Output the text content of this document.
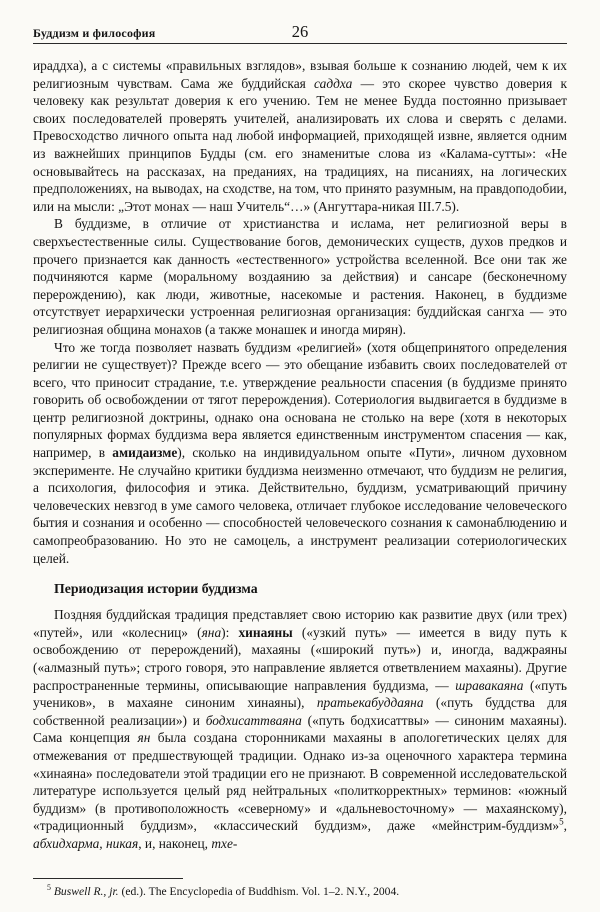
Буддизм и философия	26

ираддха), а с системы «правильных взглядов», взывая больше к сознанию людей, чем к их религиозным чувствам. Сама же буддийская саддха — это скорее чувство доверия к человеку как результат доверия к его учению. Тем не менее Будда постоянно призывает своих последователей проверять учителей, анализировать их слова и сверять с делами. Превосходство личного опыта над любой информацией, приходящей извне, является одним из важнейших принципов Будды (см. его знаменитые слова из «Калама-сутты»: «Не основывайтесь на рассказах, на преданиях, на традициях, на писаниях, на логических предположениях, на выводах, на сходстве, на том, что принято разумным, на правдоподобии, или на мысли: „Этот монах — наш Учитель“…» (Ангуттара-никая III.7.5).

В буддизме, в отличие от христианства и ислама, нет религиозной веры в сверхъестественные силы. Существование богов, демонических существ, духов предков и прочего признается как данность «естественного» устройства вселенной. Все они так же подчиняются карме (моральному воздаянию за действия) и сансаре (бесконечному перерождению), как люди, животные, насекомые и растения. Наконец, в буддизме отсутствует иерархически устроенная религиозная организация: буддийская сангха — это религиозная община монахов (а также монашек и иногда мирян).

Что же тогда позволяет назвать буддизм «религией» (хотя общепринятого определения религии не существует)? Прежде всего — это обещание избавить своих последователей от всего, что приносит страдание, т.е. утверждение реальности спасения (в буддизме принято говорить об освобождении от тягот перерождения). Сотериология выдвигается в буддизме в центр религиозной доктрины, однако она основана не столько на вере (хотя в некоторых популярных формах буддизма вера является единственным инструментом спасения — как, например, в амидаизме), сколько на индивидуальном опыте «Пути», личном духовном эксперименте. Не случайно критики буддизма неизменно отмечают, что буддизм не религия, а психология, философия и этика. Действительно, буддизм, усматривающий причину человеческих невзгод в уме самого человека, отличает глубокое исследование человеческого бытия и сознания и особенно — способностей человеческого сознания к самонаблюдению и самопреобразованию. Но это не самоцель, а инструмент реализации сотериологических целей.

Периодизация истории буддизма

Поздняя буддийская традиция представляет свою историю как развитие двух (или трех) «путей», или «колесниц» (яна): хинаяны («узкий путь» — имеется в виду путь к освобождению от перерождений), махаяны («широкий путь») и, иногда, ваджраяны («алмазный путь»; строго говоря, это направление является ответвлением махаяны). Другие распространенные термины, описывающие направления буддизма, — шравакаяна («путь учеников», в махаяне синоним хинаяны), пратьекабуддаяна («путь буддства для собственной реализации») и бодхисаттваяна («путь бодхисаттвы» — синоним махаяны). Сама концепция ян была создана сторонниками махаяны в апологетических целях для отмежевания от предшествующей традиции. Однако из-за оценочного характера термина «хинаяна» последователи этой традиции его не признают. В современной исследовательской литературе используется целый ряд нейтральных «политкорректных» терминов: «южный буддизм» (в противоположность «северному» и «дальневосточному» — махаянскому), «традиционный буддизм», «классический буддизм», даже «мейнстрим-буддизм»$^5$, абхидхарма, никая, и, наконец, тхе-

$^5$ Buswell R., jr. (ed.). The Encyclopedia of Buddhism. Vol. 1–2. N.Y., 2004.
